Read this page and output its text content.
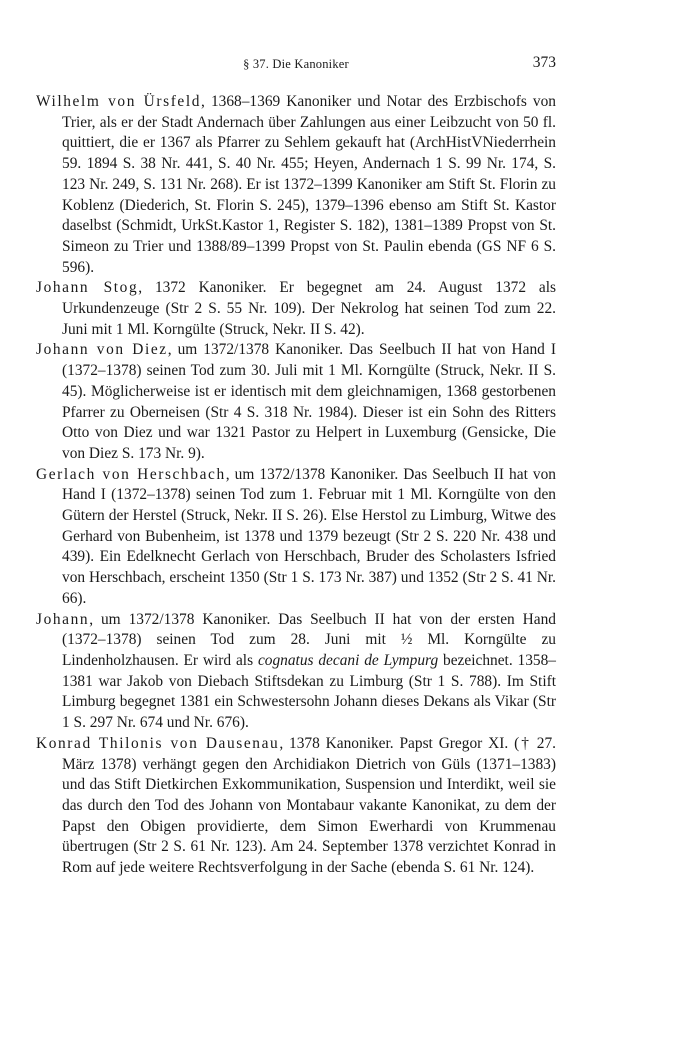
§ 37. Die Kanoniker	373

Wilhelm von Ürsfeld, 1368–1369 Kanoniker und Notar des Erzbischofs von Trier, als er der Stadt Andernach über Zahlungen aus einer Leibzucht von 50 fl. quittiert, die er 1367 als Pfarrer zu Sehlem gekauft hat (ArchHistVNiederrhein 59. 1894 S. 38 Nr. 441, S. 40 Nr. 455; Heyen, Andernach 1 S. 99 Nr. 174, S. 123 Nr. 249, S. 131 Nr. 268). Er ist 1372–1399 Kanoniker am Stift St. Florin zu Koblenz (Diederich, St. Florin S. 245), 1379–1396 ebenso am Stift St. Kastor daselbst (Schmidt, UrkSt.Kastor 1, Register S. 182), 1381–1389 Propst von St. Simeon zu Trier und 1388/89–1399 Propst von St. Paulin ebenda (GS NF 6 S. 596).

Johann Stog, 1372 Kanoniker. Er begegnet am 24. August 1372 als Urkundenzeuge (Str 2 S. 55 Nr. 109). Der Nekrolog hat seinen Tod zum 22. Juni mit 1 Ml. Korngülte (Struck, Nekr. II S. 42).

Johann von Diez, um 1372/1378 Kanoniker. Das Seelbuch II hat von Hand I (1372–1378) seinen Tod zum 30. Juli mit 1 Ml. Korngülte (Struck, Nekr. II S. 45). Möglicherweise ist er identisch mit dem gleichnamigen, 1368 gestorbenen Pfarrer zu Oberneisen (Str 4 S. 318 Nr. 1984). Dieser ist ein Sohn des Ritters Otto von Diez und war 1321 Pastor zu Helpert in Luxemburg (Gensicke, Die von Diez S. 173 Nr. 9).

Gerlach von Herschbach, um 1372/1378 Kanoniker. Das Seelbuch II hat von Hand I (1372–1378) seinen Tod zum 1. Februar mit 1 Ml. Korngülte von den Gütern der Herstel (Struck, Nekr. II S. 26). Else Herstol zu Limburg, Witwe des Gerhard von Bubenheim, ist 1378 und 1379 bezeugt (Str 2 S. 220 Nr. 438 und 439). Ein Edelknecht Gerlach von Herschbach, Bruder des Scholasters Isfried von Herschbach, erscheint 1350 (Str 1 S. 173 Nr. 387) und 1352 (Str 2 S. 41 Nr. 66).

Johann, um 1372/1378 Kanoniker. Das Seelbuch II hat von der ersten Hand (1372–1378) seinen Tod zum 28. Juni mit ½ Ml. Korngülte zu Lindenholzhausen. Er wird als cognatus decani de Lympurg bezeichnet. 1358–1381 war Jakob von Diebach Stiftsdekan zu Limburg (Str 1 S. 788). Im Stift Limburg begegnet 1381 ein Schwestersohn Johann dieses Dekans als Vikar (Str 1 S. 297 Nr. 674 und Nr. 676).

Konrad Thilonis von Dausenau, 1378 Kanoniker. Papst Gregor XI. († 27. März 1378) verhängt gegen den Archidiakon Dietrich von Güls (1371–1383) und das Stift Dietkirchen Exkommunikation, Suspension und Interdikt, weil sie das durch den Tod des Johann von Montabaur vakante Kanonikat, zu dem der Papst den Obigen providierte, dem Simon Ewerhardi von Krummenau übertrugen (Str 2 S. 61 Nr. 123). Am 24. September 1378 verzichtet Konrad in Rom auf jede weitere Rechtsverfolgung in der Sache (ebenda S. 61 Nr. 124).
